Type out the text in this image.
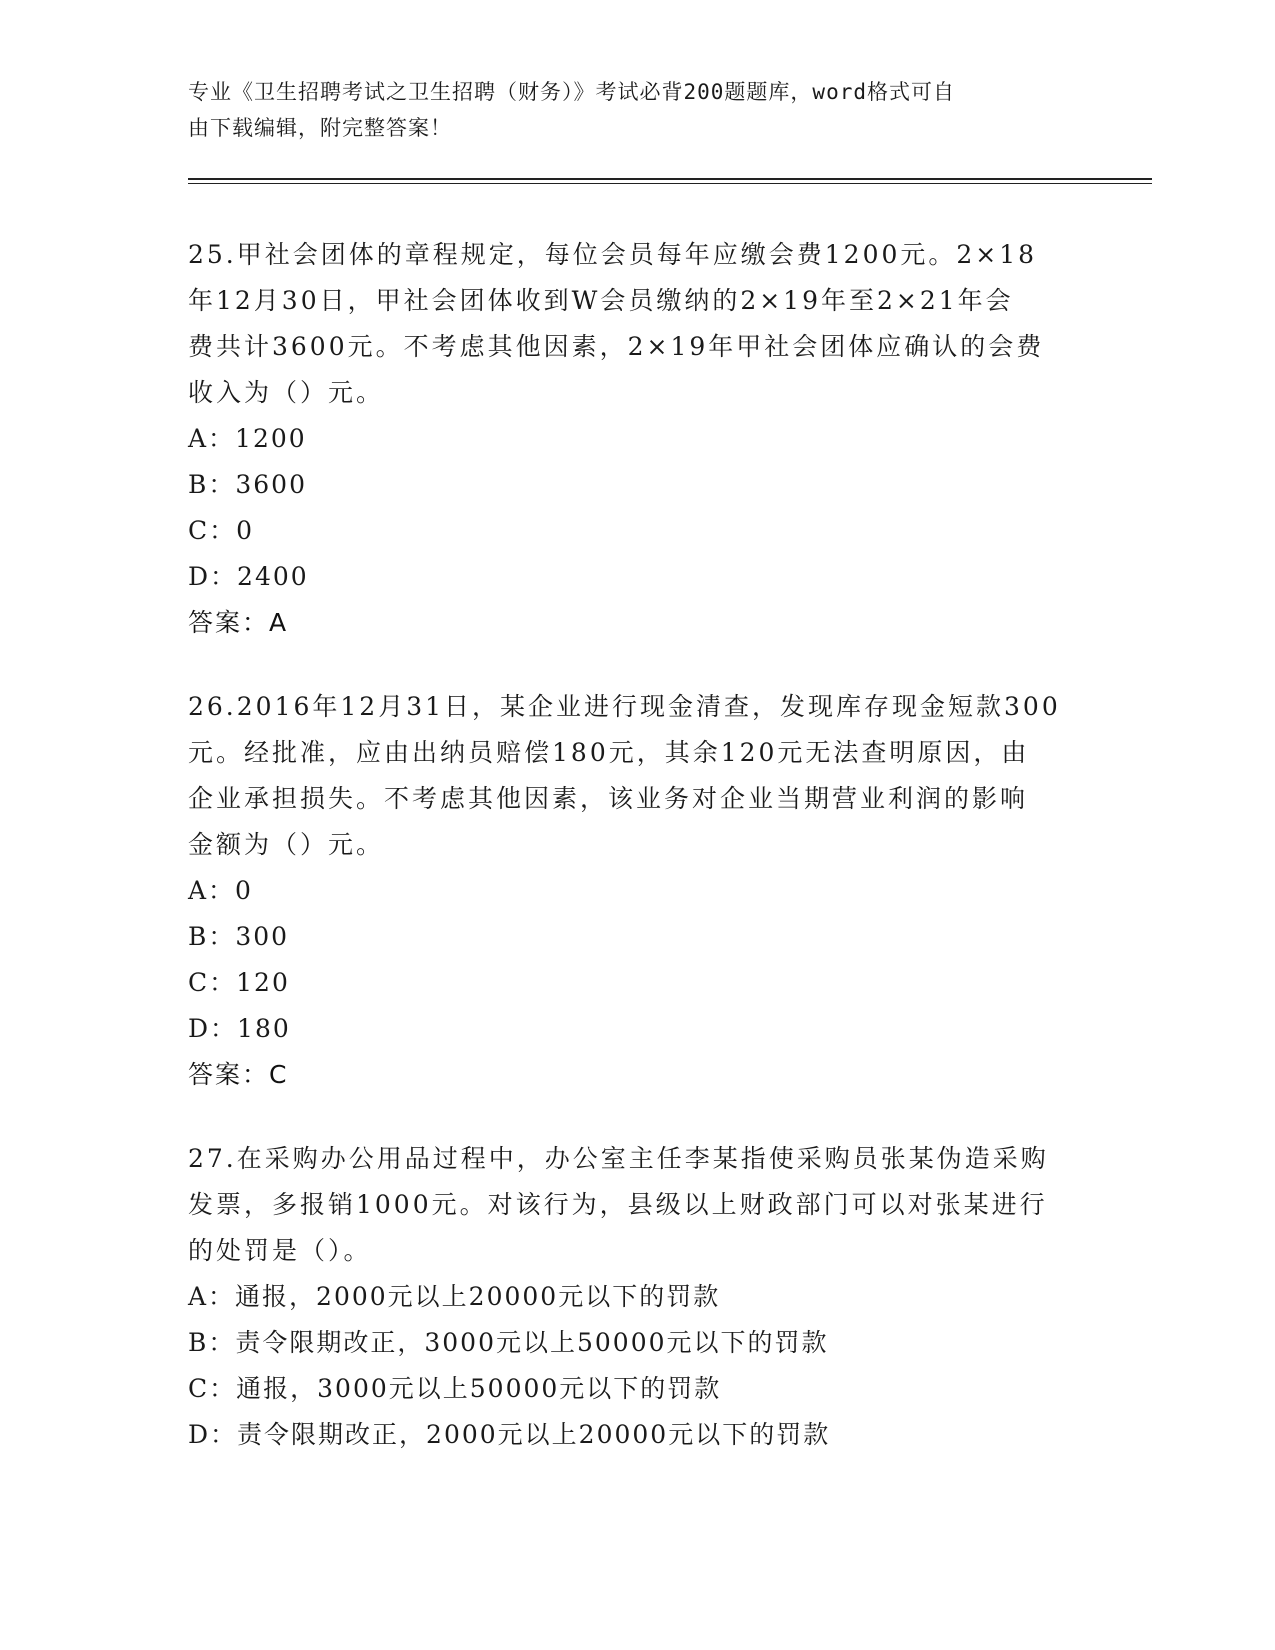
专业《卫生招聘考试之卫生招聘（财务）》考试必背200题题库，word格式可自
由下载编辑，附完整答案！

25.甲社会团体的章程规定，每位会员每年应缴会费1200元。2×18

年12月30日，甲社会团体收到W会员缴纳的2×19年至2×21年会

费共计3600元。不考虑其他因素，2×19年甲社会团体应确认的会费

收入为（）元。

A：1200

B：3600

C：0

D：2400

答案：A

26.2016年12月31日，某企业进行现金清查，发现库存现金短款300

元。经批准，应由出纳员赔偿180元，其余120元无法查明原因，由

企业承担损失。不考虑其他因素，该业务对企业当期营业利润的影响

金额为（）元。

A：0

B：300

C：120

D：180

答案：C

27.在采购办公用品过程中，办公室主任李某指使采购员张某伪造采购

发票，多报销1000元。对该行为，县级以上财政部门可以对张某进行

的处罚是（）。

A：通报，2000元以上20000元以下的罚款

B：责令限期改正，3000元以上50000元以下的罚款

C：通报，3000元以上50000元以下的罚款

D：责令限期改正，2000元以上20000元以下的罚款
